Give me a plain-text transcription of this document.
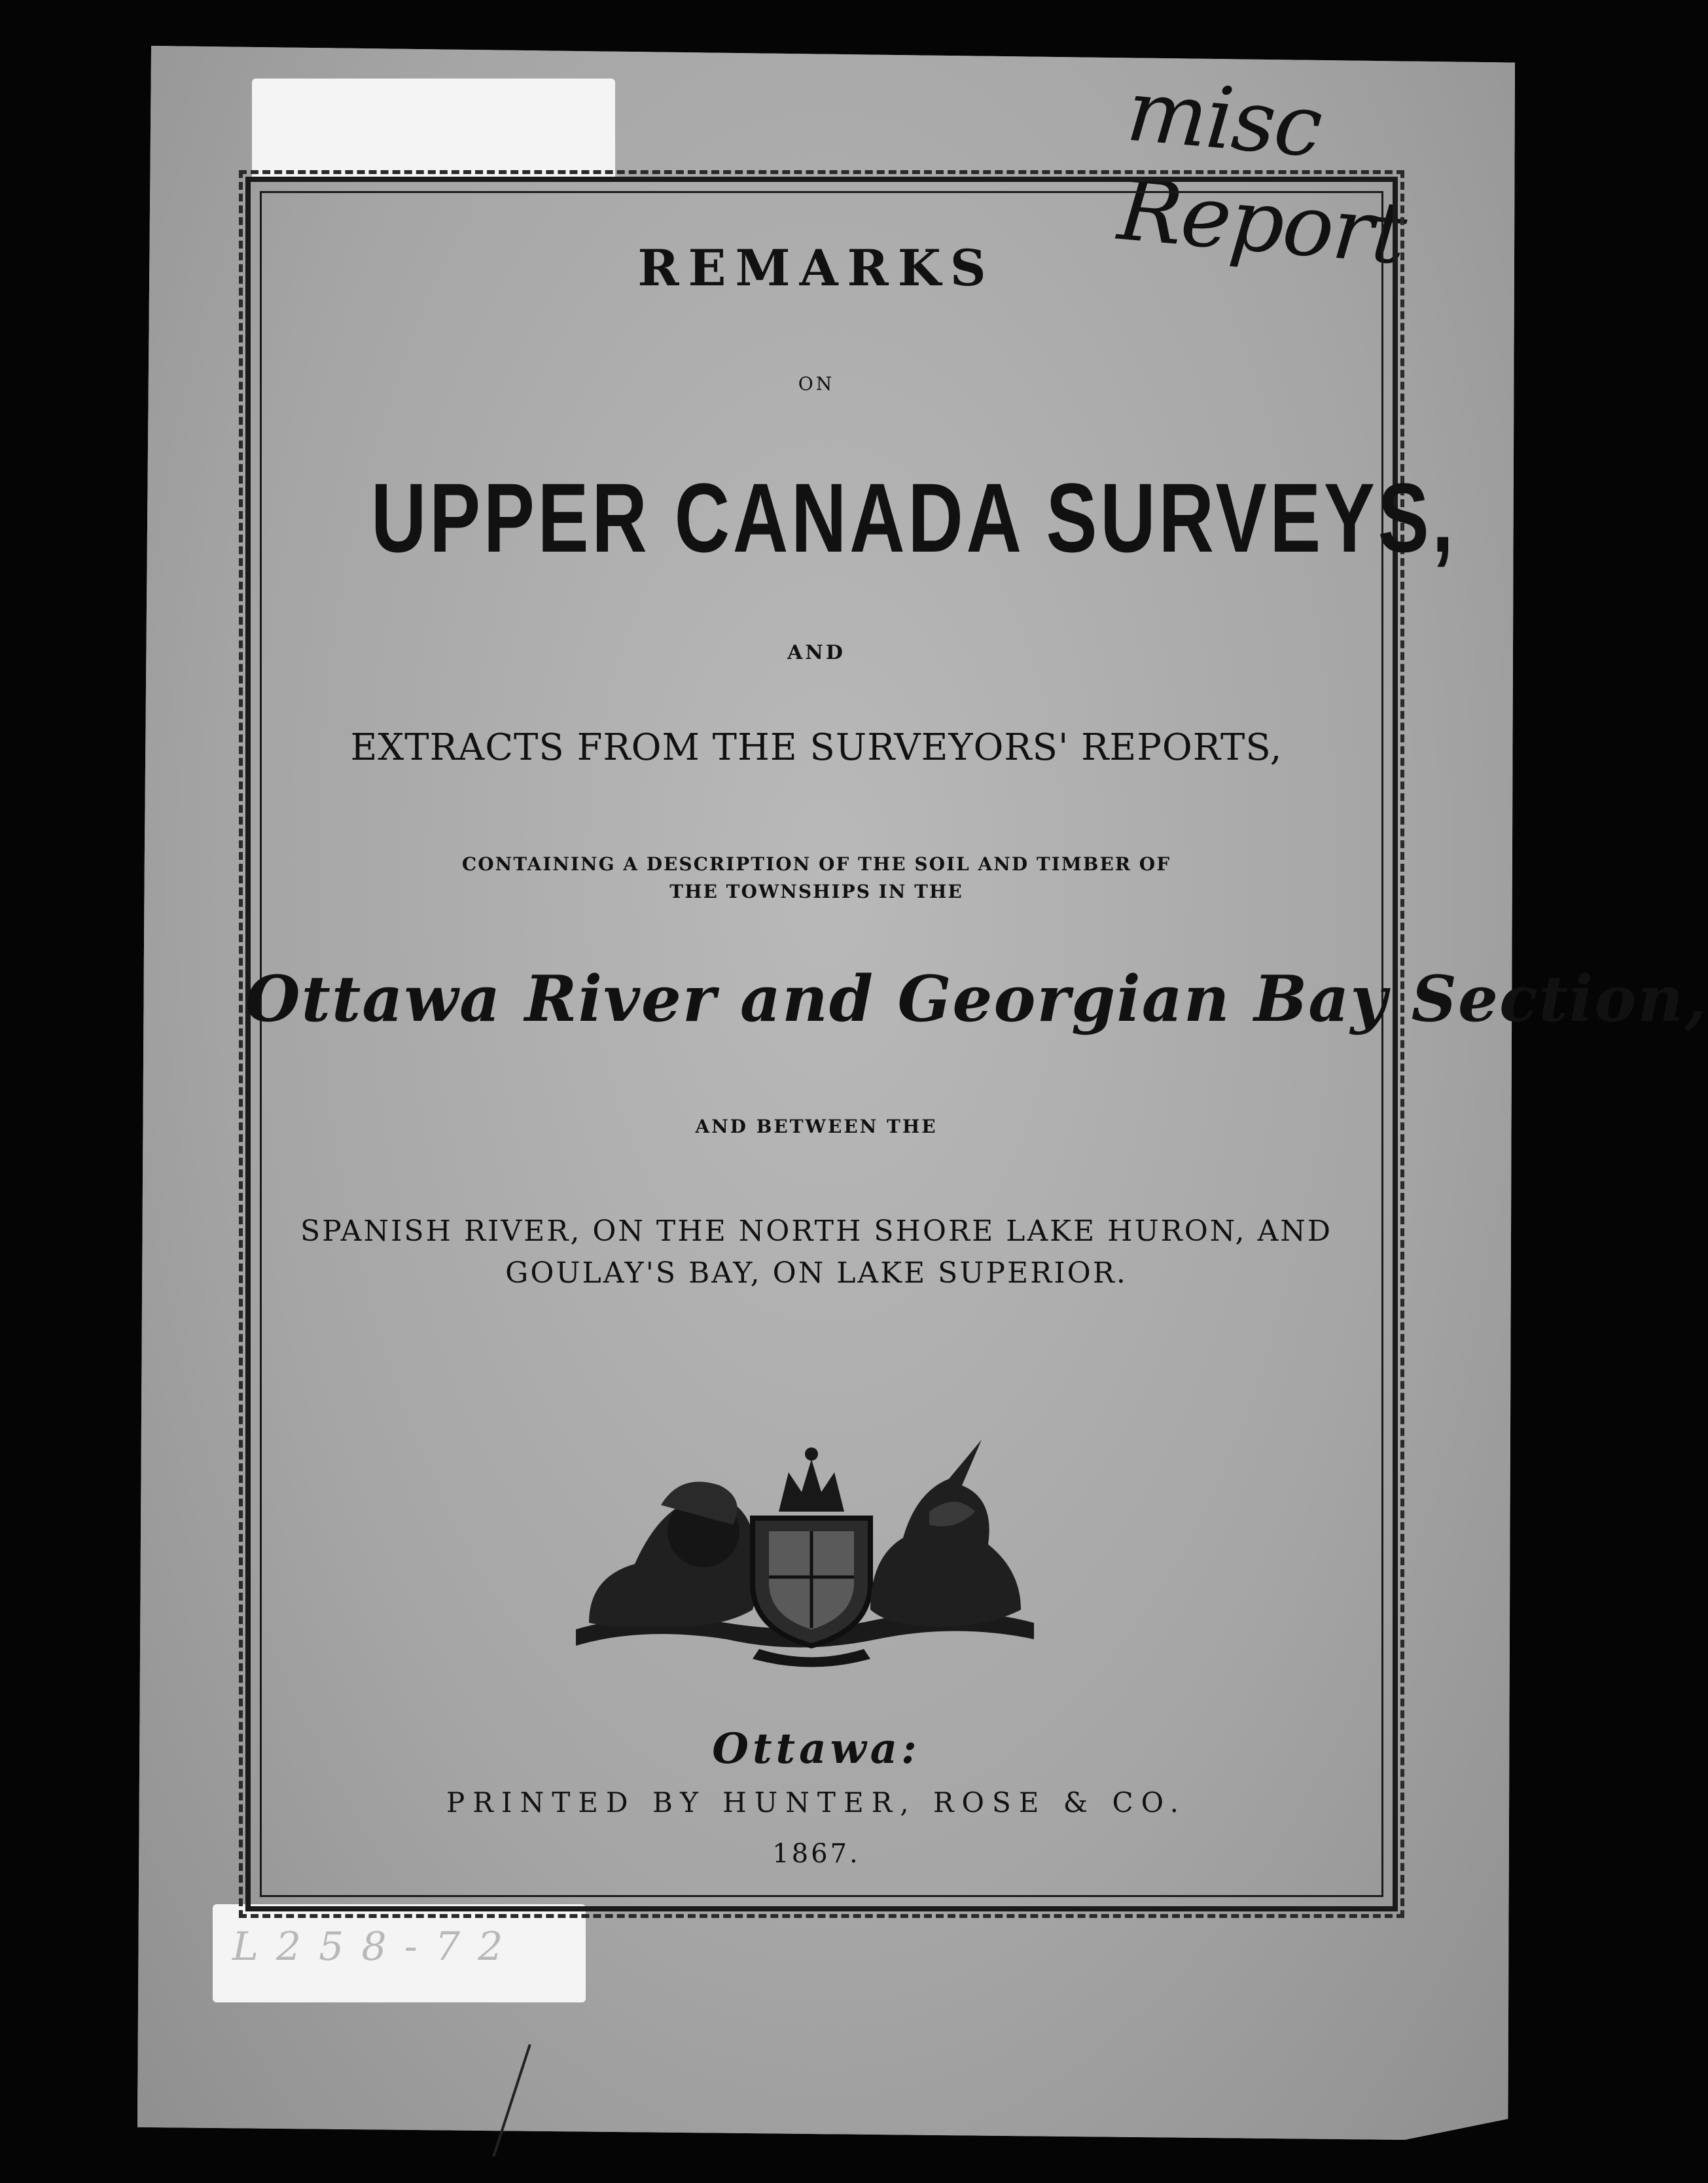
L 2 5 8 - 7 2
misc Report
REMARKS
ON
UPPER CANADA SURVEYS,
AND
EXTRACTS FROM THE SURVEYORS' REPORTS,
CONTAINING A DESCRIPTION OF THE SOIL AND TIMBER OF
THE TOWNSHIPS IN THE
Ottawa River and Georgian Bay Section,
AND BETWEEN THE
SPANISH RIVER, ON THE NORTH SHORE LAKE HURON, AND
GOULAY'S BAY, ON LAKE SUPERIOR.
Ottawa:
PRINTED BY HUNTER, ROSE & CO.
1867.
